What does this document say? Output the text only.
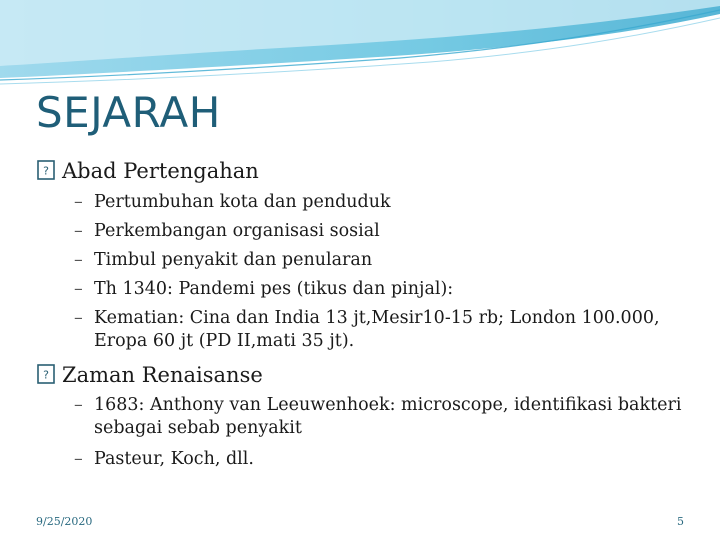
SEJARAH
? Abad Pertengahan
– Pertumbuhan kota dan penduduk
– Perkembangan organisasi sosial
– Timbul penyakit dan penularan
– Th 1340: Pandemi pes (tikus dan pinjal):
– Kematian: Cina dan India 13 jt,Mesir10-15 rb; London 100.000, Eropa 60 jt (PD II,mati 35 jt).
? Zaman Renaisanse
– 1683: Anthony van Leeuwenhoek: microscope, identifikasi bakteri sebagai sebab penyakit
– Pasteur, Koch, dll.
9/25/2020	5
